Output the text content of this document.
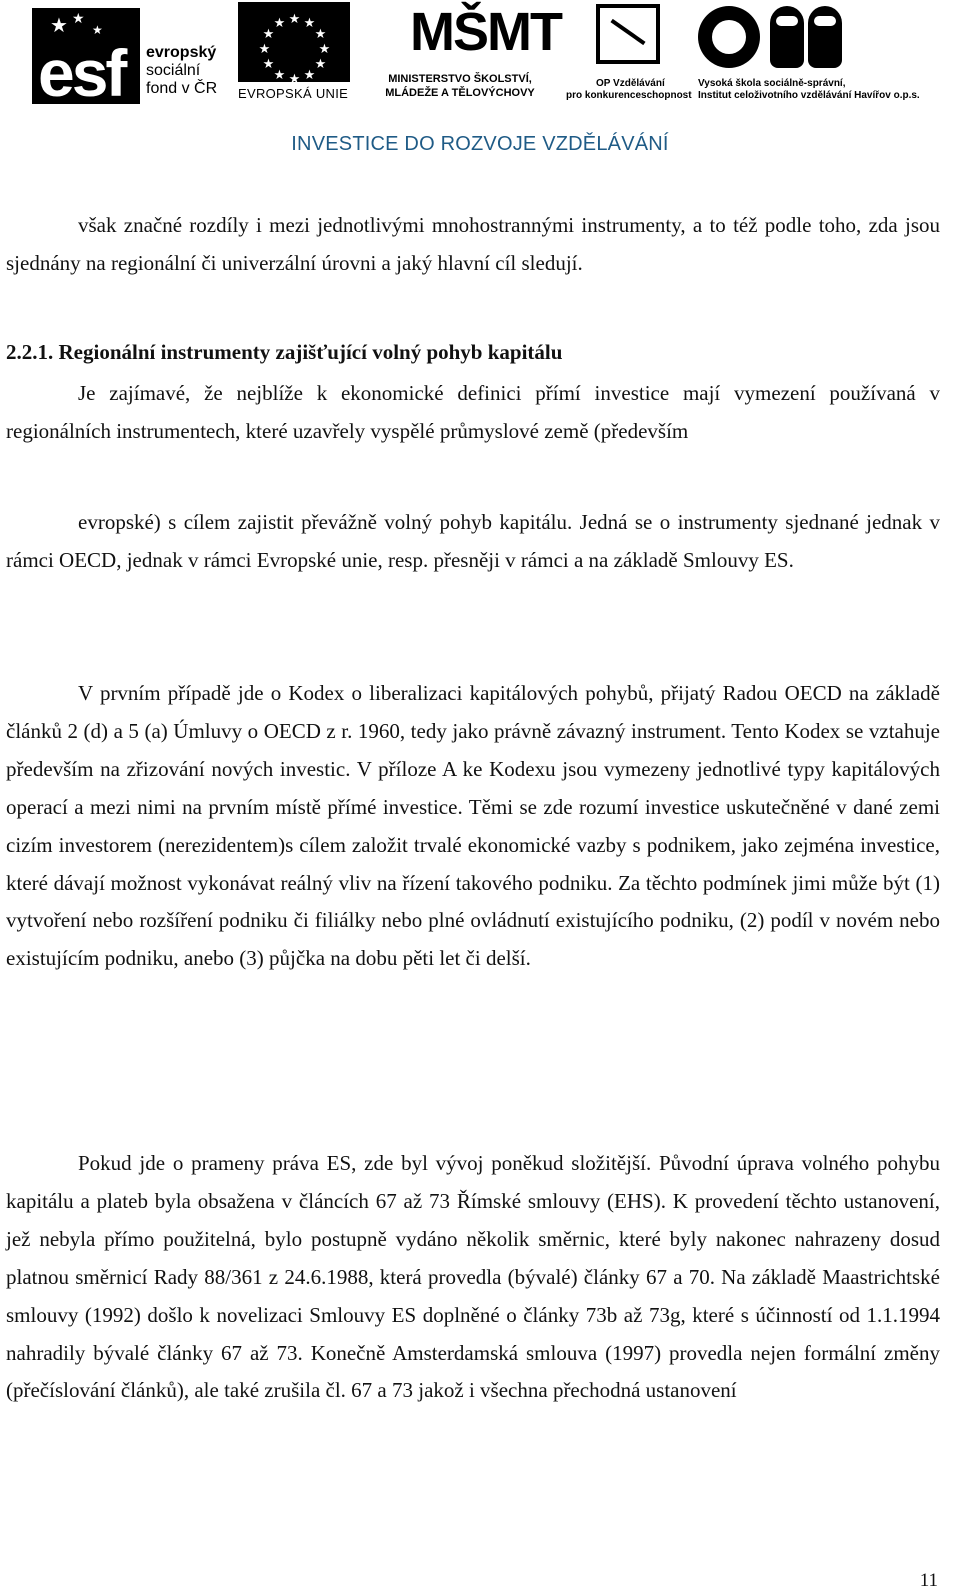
★ ★
★
esf evropský
sociální
fond v ČR
★ ★
★
★
★
★
★
★
★
★
★
★
EVROPSKÁ UNIE
MŠMT
MINISTERSTVO ŠKOLSTVÍ,
MLÁDEŽE A TĚLOVÝCHOVY
OP Vzdělávání
pro konkurenceschopnost
Vysoká škola sociálně-správní,
Institut celoživotního vzdělávání Havířov o.p.s.
INVESTICE DO ROZVOJE VZDĚLÁVÁNÍ

však značné rozdíly i mezi jednotlivými mnohostrannými instrumenty, a to též podle toho, zda jsou sjednány na regionální či univerzální úrovni a jaký hlavní cíl sledují.

2.2.1. Regionální instrumenty zajišťující volný pohyb kapitálu

Je zajímavé, že nejblíže k ekonomické definici přímí investice mají vymezení používaná v regionálních instrumentech, které uzavřely vyspělé průmyslové země (především

evropské) s cílem zajistit převážně volný pohyb kapitálu. Jedná se o instrumenty sjednané jednak v rámci OECD, jednak v rámci Evropské unie, resp. přesněji v rámci a na základě Smlouvy ES.

V prvním případě jde o Kodex o liberalizaci kapitálových pohybů, přijatý Radou OECD na základě článků 2 (d) a 5 (a) Úmluvy o OECD z r. 1960, tedy jako právně závazný instrument. Tento Kodex se vztahuje především na zřizování nových investic. V příloze A ke Kodexu jsou vymezeny jednotlivé typy kapitálových operací a mezi nimi na prvním místě přímé investice. Těmi se zde rozumí investice uskutečněné v dané zemi cizím investorem (nerezidentem)s cílem založit trvalé ekonomické vazby s podnikem, jako zejména investice, které dávají možnost vykonávat reálný vliv na řízení takového podniku. Za těchto podmínek jimi může být (1) vytvoření nebo rozšíření podniku či filiálky nebo plné ovládnutí existujícího podniku, (2) podíl v novém nebo existujícím podniku, anebo (3) půjčka na dobu pěti let či delší.

Pokud jde o prameny práva ES, zde byl vývoj poněkud složitější. Původní úprava volného pohybu kapitálu a plateb byla obsažena v článcích 67 až 73 Římské smlouvy (EHS). K provedení těchto ustanovení, jež nebyla přímo použitelná, bylo postupně vydáno několik směrnic, které byly nakonec nahrazeny dosud platnou směrnicí Rady 88/361 z 24.6.1988, která provedla (bývalé) články 67 a 70. Na základě Maastrichtské smlouvy (1992) došlo k novelizaci Smlouvy ES doplněné o články 73b až 73g, které s účinností od 1.1.1994 nahradily bývalé články 67 až 73. Konečně Amsterdamská smlouva (1997) provedla nejen formální změny (přečíslování článků), ale také zrušila čl. 67 a 73 jakož i všechna přechodná ustanovení

11
